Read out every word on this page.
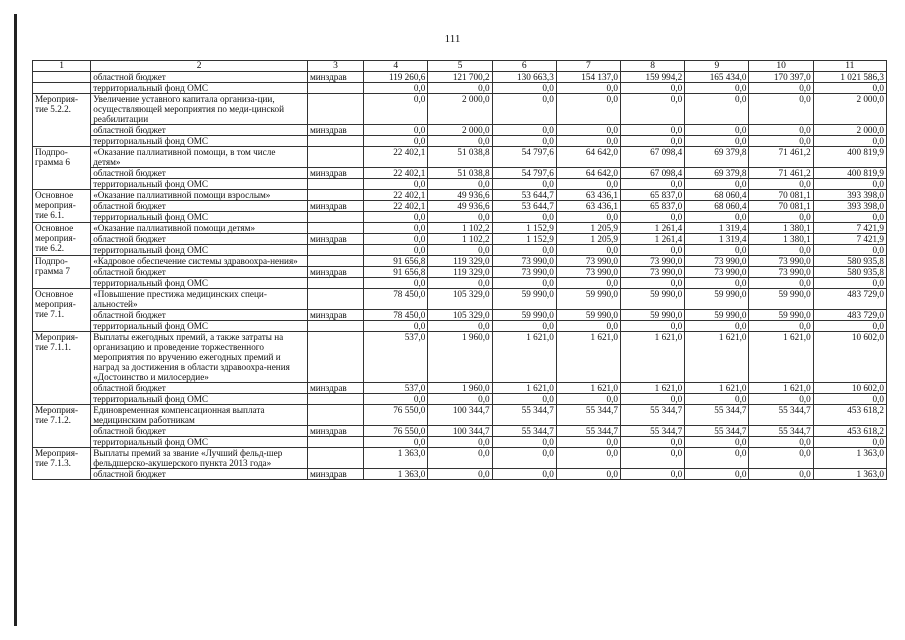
111
1	2	3	4	5	6	7	8	9	10	11
	областной бюджет	минздрав	119 260,6	121 700,2	130 663,3	154 137,0	159 994,2	165 434,0	170 397,0	1 021 586,3
	территориальный фонд ОМС		0,0	0,0	0,0	0,0	0,0	0,0	0,0	0,0
Мероприя-тие 5.2.2.	Увеличение уставного капитала организа-ции, осуществляющей мероприятия по меди-цинской реабилитации		0,0	2 000,0	0,0	0,0	0,0	0,0	0,0	2 000,0
	областной бюджет	минздрав	0,0	2 000,0	0,0	0,0	0,0	0,0	0,0	2 000,0
	территориальный фонд ОМС		0,0	0,0	0,0	0,0	0,0	0,0	0,0	0,0
Подпро-грамма 6	«Оказание паллиативной помощи, в том числе детям»		22 402,1	51 038,8	54 797,6	64 642,0	67 098,4	69 379,8	71 461,2	400 819,9
	областной бюджет	минздрав	22 402,1	51 038,8	54 797,6	64 642,0	67 098,4	69 379,8	71 461,2	400 819,9
	территориальный фонд ОМС		0,0	0,0	0,0	0,0	0,0	0,0	0,0	0,0
Основное мероприя-тие 6.1.	«Оказание паллиативной помощи взрослым»		22 402,1	49 936,6	53 644,7	63 436,1	65 837,0	68 060,4	70 081,1	393 398,0
	областной бюджет	минздрав	22 402,1	49 936,6	53 644,7	63 436,1	65 837,0	68 060,4	70 081,1	393 398,0
	территориальный фонд ОМС		0,0	0,0	0,0	0,0	0,0	0,0	0,0	0,0
Основное мероприя-тие 6.2.	«Оказание паллиативной помощи детям»		0,0	1 102,2	1 152,9	1 205,9	1 261,4	1 319,4	1 380,1	7 421,9
	областной бюджет	минздрав	0,0	1 102,2	1 152,9	1 205,9	1 261,4	1 319,4	1 380,1	7 421,9
	территориальный фонд ОМС		0,0	0,0	0,0	0,0	0,0	0,0	0,0	0,0
Подпро-грамма 7	«Кадровое обеспечение системы здравоохра-нения»		91 656,8	119 329,0	73 990,0	73 990,0	73 990,0	73 990,0	73 990,0	580 935,8
	областной бюджет	минздрав	91 656,8	119 329,0	73 990,0	73 990,0	73 990,0	73 990,0	73 990,0	580 935,8
	территориальный фонд ОМС		0,0	0,0	0,0	0,0	0,0	0,0	0,0	0,0
Основное мероприя-тие 7.1.	«Повышение престижа медицинских специ-альностей»		78 450,0	105 329,0	59 990,0	59 990,0	59 990,0	59 990,0	59 990,0	483 729,0
	областной бюджет	минздрав	78 450,0	105 329,0	59 990,0	59 990,0	59 990,0	59 990,0	59 990,0	483 729,0
	территориальный фонд ОМС		0,0	0,0	0,0	0,0	0,0	0,0	0,0	0,0
Мероприя-тие 7.1.1.	Выплаты ежегодных премий, а также затраты на организацию и проведение торжественного мероприятия по вручению ежегодных премий и наград за достижения в области здравоохра-нения «Достоинство и милосердие»		537,0	1 960,0	1 621,0	1 621,0	1 621,0	1 621,0	1 621,0	10 602,0
	областной бюджет	минздрав	537,0	1 960,0	1 621,0	1 621,0	1 621,0	1 621,0	1 621,0	10 602,0
	территориальный фонд ОМС		0,0	0,0	0,0	0,0	0,0	0,0	0,0	0,0
Мероприя-тие 7.1.2.	Единовременная компенсационная выплата медицинским работникам		76 550,0	100 344,7	55 344,7	55 344,7	55 344,7	55 344,7	55 344,7	453 618,2
	областной бюджет	минздрав	76 550,0	100 344,7	55 344,7	55 344,7	55 344,7	55 344,7	55 344,7	453 618,2
	территориальный фонд ОМС		0,0	0,0	0,0	0,0	0,0	0,0	0,0	0,0
Мероприя-тие 7.1.3.	Выплаты премий за звание «Лучший фельд-шер фельдшерско-акушерского пункта 2013 года»		1 363,0	0,0	0,0	0,0	0,0	0,0	0,0	1 363,0
	областной бюджет	минздрав	1 363,0	0,0	0,0	0,0	0,0	0,0	0,0	1 363,0
